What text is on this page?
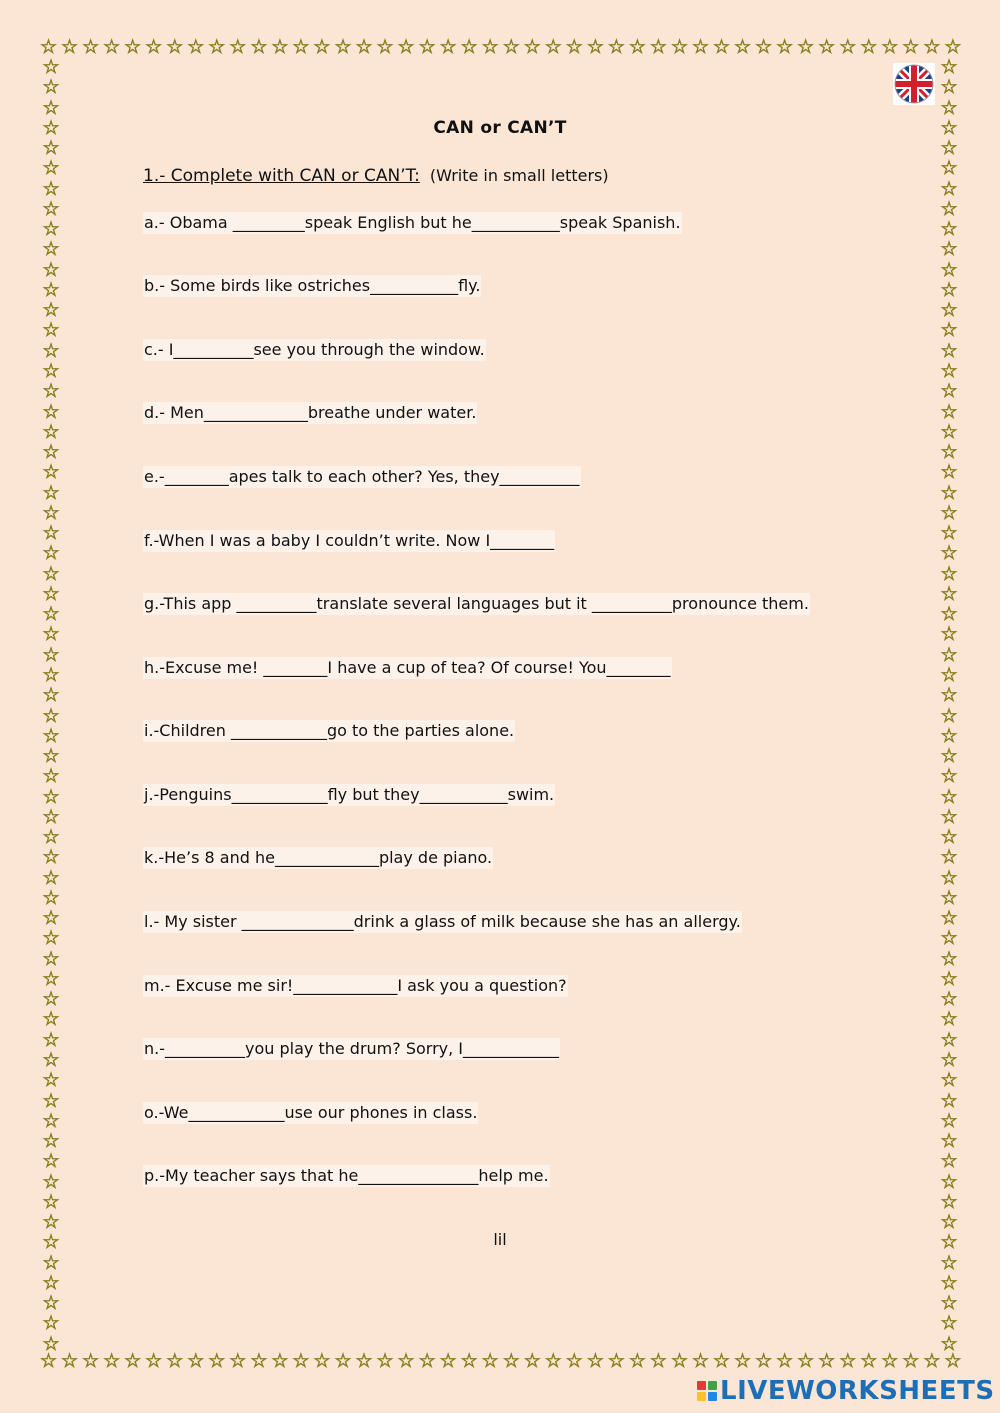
☆ ☆ ☆ ☆ ☆ ☆ ☆ ☆ ☆ ☆ ☆ ☆ ☆ ☆ ☆ ☆ ☆ ☆ ☆ ☆ ☆ ☆ ☆ ☆ ☆ ☆ ☆ ☆ ☆ ☆ ☆ ☆ ☆ ☆ ☆ ☆ ☆ ☆ ☆ ☆ ☆ ☆ ☆ ☆
☆ ☆ ☆ ☆ ☆ ☆ ☆ ☆ ☆ ☆ ☆ ☆ ☆ ☆ ☆ ☆ ☆ ☆ ☆ ☆ ☆ ☆ ☆ ☆ ☆ ☆ ☆ ☆ ☆ ☆ ☆ ☆ ☆ ☆ ☆ ☆ ☆ ☆ ☆ ☆ ☆ ☆ ☆ ☆
☆
☆
☆
☆
☆
☆
☆
☆
☆
☆
☆
☆
☆
☆
☆
☆
☆
☆
☆
☆
☆
☆
☆
☆
☆
☆
☆
☆
☆
☆
☆
☆
☆
☆
☆
☆
☆
☆
☆
☆
☆
☆
☆
☆
☆
☆
☆
☆
☆
☆
☆
☆
☆
☆
☆
☆
☆
☆
☆
☆
☆
☆
☆
☆
☆
☆
☆
☆
☆
☆
☆
☆
☆
☆
☆
☆
☆
☆
☆
☆
☆
☆
☆
☆
☆
☆
☆
☆
☆
☆
☆
☆
☆
☆
☆
☆
☆
☆
☆
☆
☆
☆
☆
☆
☆
☆
☆
☆
☆
☆
☆
☆
☆
☆
☆
☆
☆
☆
☆
☆
☆
☆
☆
☆
☆
☆
☆
☆
CAN or CAN’T
1.- Complete with CAN or CAN’T: (Write in small letters)
a.- Obama _________speak English but he___________speak Spanish.
b.- Some birds like ostriches___________fly.
c.- I__________see you through the window.
d.- Men_____________breathe under water.
e.-________apes talk to each other? Yes, they__________
f.-When I was a baby I couldn’t write. Now I________
g.-This app __________translate several languages but it __________pronounce them.
h.-Excuse me! ________I have a cup of tea? Of course! You________
i.-Children ____________go to the parties alone.
j.-Penguins____________fly but they___________swim.
k.-He’s 8 and he_____________play de piano.
l.- My sister ______________drink a glass of milk because she has an allergy.
m.- Excuse me sir!_____________I ask you a question?
n.-__________you play the drum? Sorry, I____________
o.-We____________use our phones in class.
p.-My teacher says that he_______________help me.
lil
LIVEWORKSHEETS
